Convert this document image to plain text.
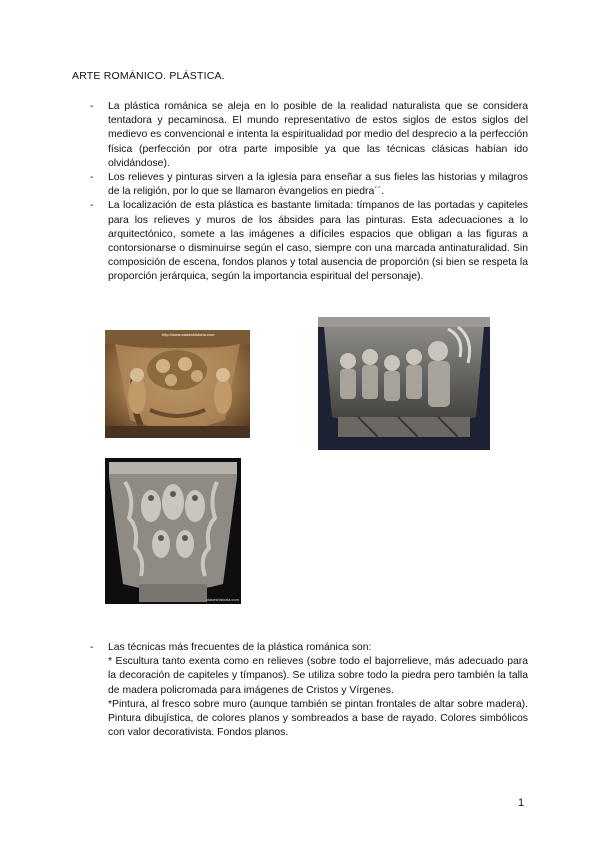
ARTE ROMÁNICO. PLÁSTICA.
- La plástica románica se aleja en lo posible de la realidad naturalista que se considera tentadora y pecaminosa. El mundo representativo de estos siglos de estos siglos del medievo es convencional e intenta la espiritualidad por medio del desprecio a la perfección física (perfección por otra parte imposible ya que las técnicas clásicas habían ido olvidándose).
- Los relieves y pinturas sirven a la iglesia para enseñar a sus fieles las historias y milagros de la religión, por lo que se llamaron èvangelios en piedra´´.
- La localización de esta plástica es bastante limitada: tímpanos de las portadas y capiteles para los relieves y muros de los ábsides para las pinturas. Esta adecuaciones a lo arquitectónico, somete a las imágenes a difíciles espacios que obligan a las figuras a contorsionarse o disminuirse según el caso, siempre con una marcada antinaturalidad. Sin composición de escena, fondos planos y total ausencia de proporción (si bien se respeta la proporción jerárquica, según la importancia espiritual del personaje).
http://www.claseshistoria.com
claseshistoria.com
- Las técnicas más frecuentes de la plástica románica son:

* Escultura tanto exenta como en relieves (sobre todo el bajorrelieve, más adecuado para la decoración de capiteles y tímpanos). Se utiliza sobre todo la piedra pero también la talla de madera policromada para imágenes de Cristos y Vírgenes.

*Pintura, al fresco sobre muro (aunque también se pintan frontales de altar sobre madera). Pintura dibujística, de colores planos y sombreados a base de rayado. Colores simbólicos con valor decorativista. Fondos planos.

1
